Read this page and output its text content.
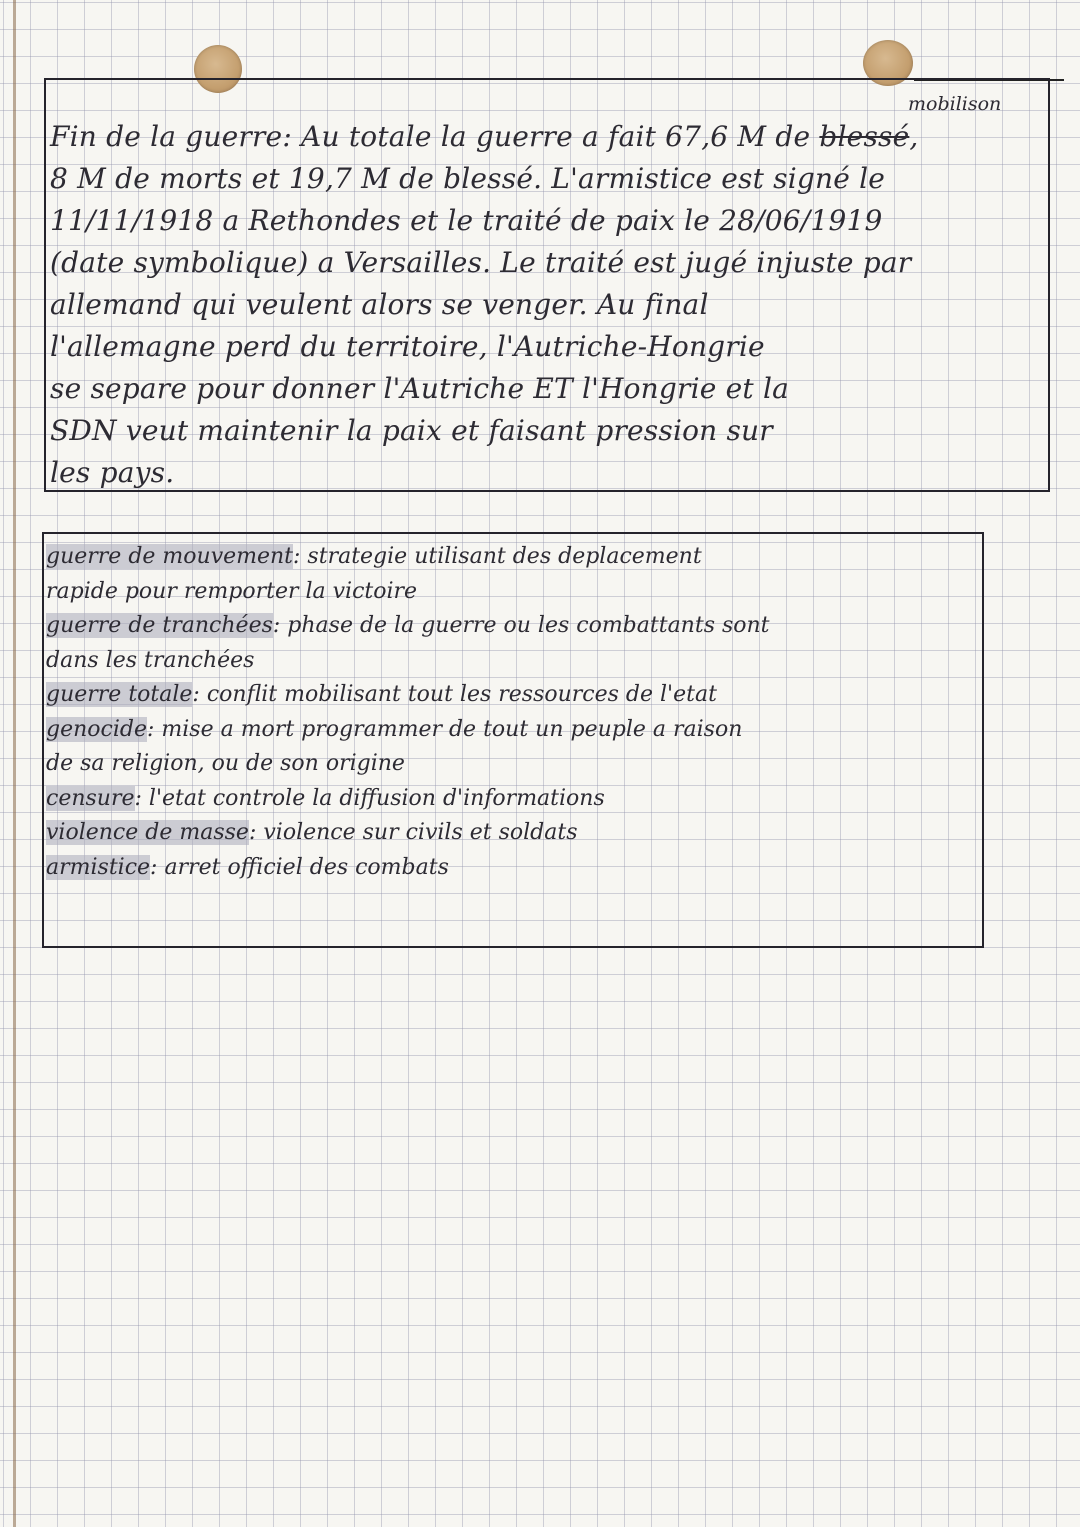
mobilison

Fin de la guerre: Au totale la guerre a fait 67,6 M de blessé,
8 M de morts et 19,7 M de blessé. L'armistice est signé le
11/11/1918 a Rethondes et le traité de paix le 28/06/1919
(date symbolique) a Versailles. Le traité est jugé injuste par
allemand qui veulent alors se venger. Au final
l'allemagne perd du territoire, l'Autriche-Hongrie
se separe pour donner l'Autriche ET l'Hongrie et la
SDN veut maintenir la paix et faisant pression sur
les pays.

guerre de mouvement: strategie utilisant des deplacement
rapide pour remporter la victoire
guerre de tranchées: phase de la guerre ou les combattants sont
dans les tranchées
guerre totale: conflit mobilisant tout les ressources de l'etat
genocide: mise a mort programmer de tout un peuple a raison
de sa religion, ou de son origine
censure: l'etat controle la diffusion d'informations
violence de masse: violence sur civils et soldats
armistice: arret officiel des combats
